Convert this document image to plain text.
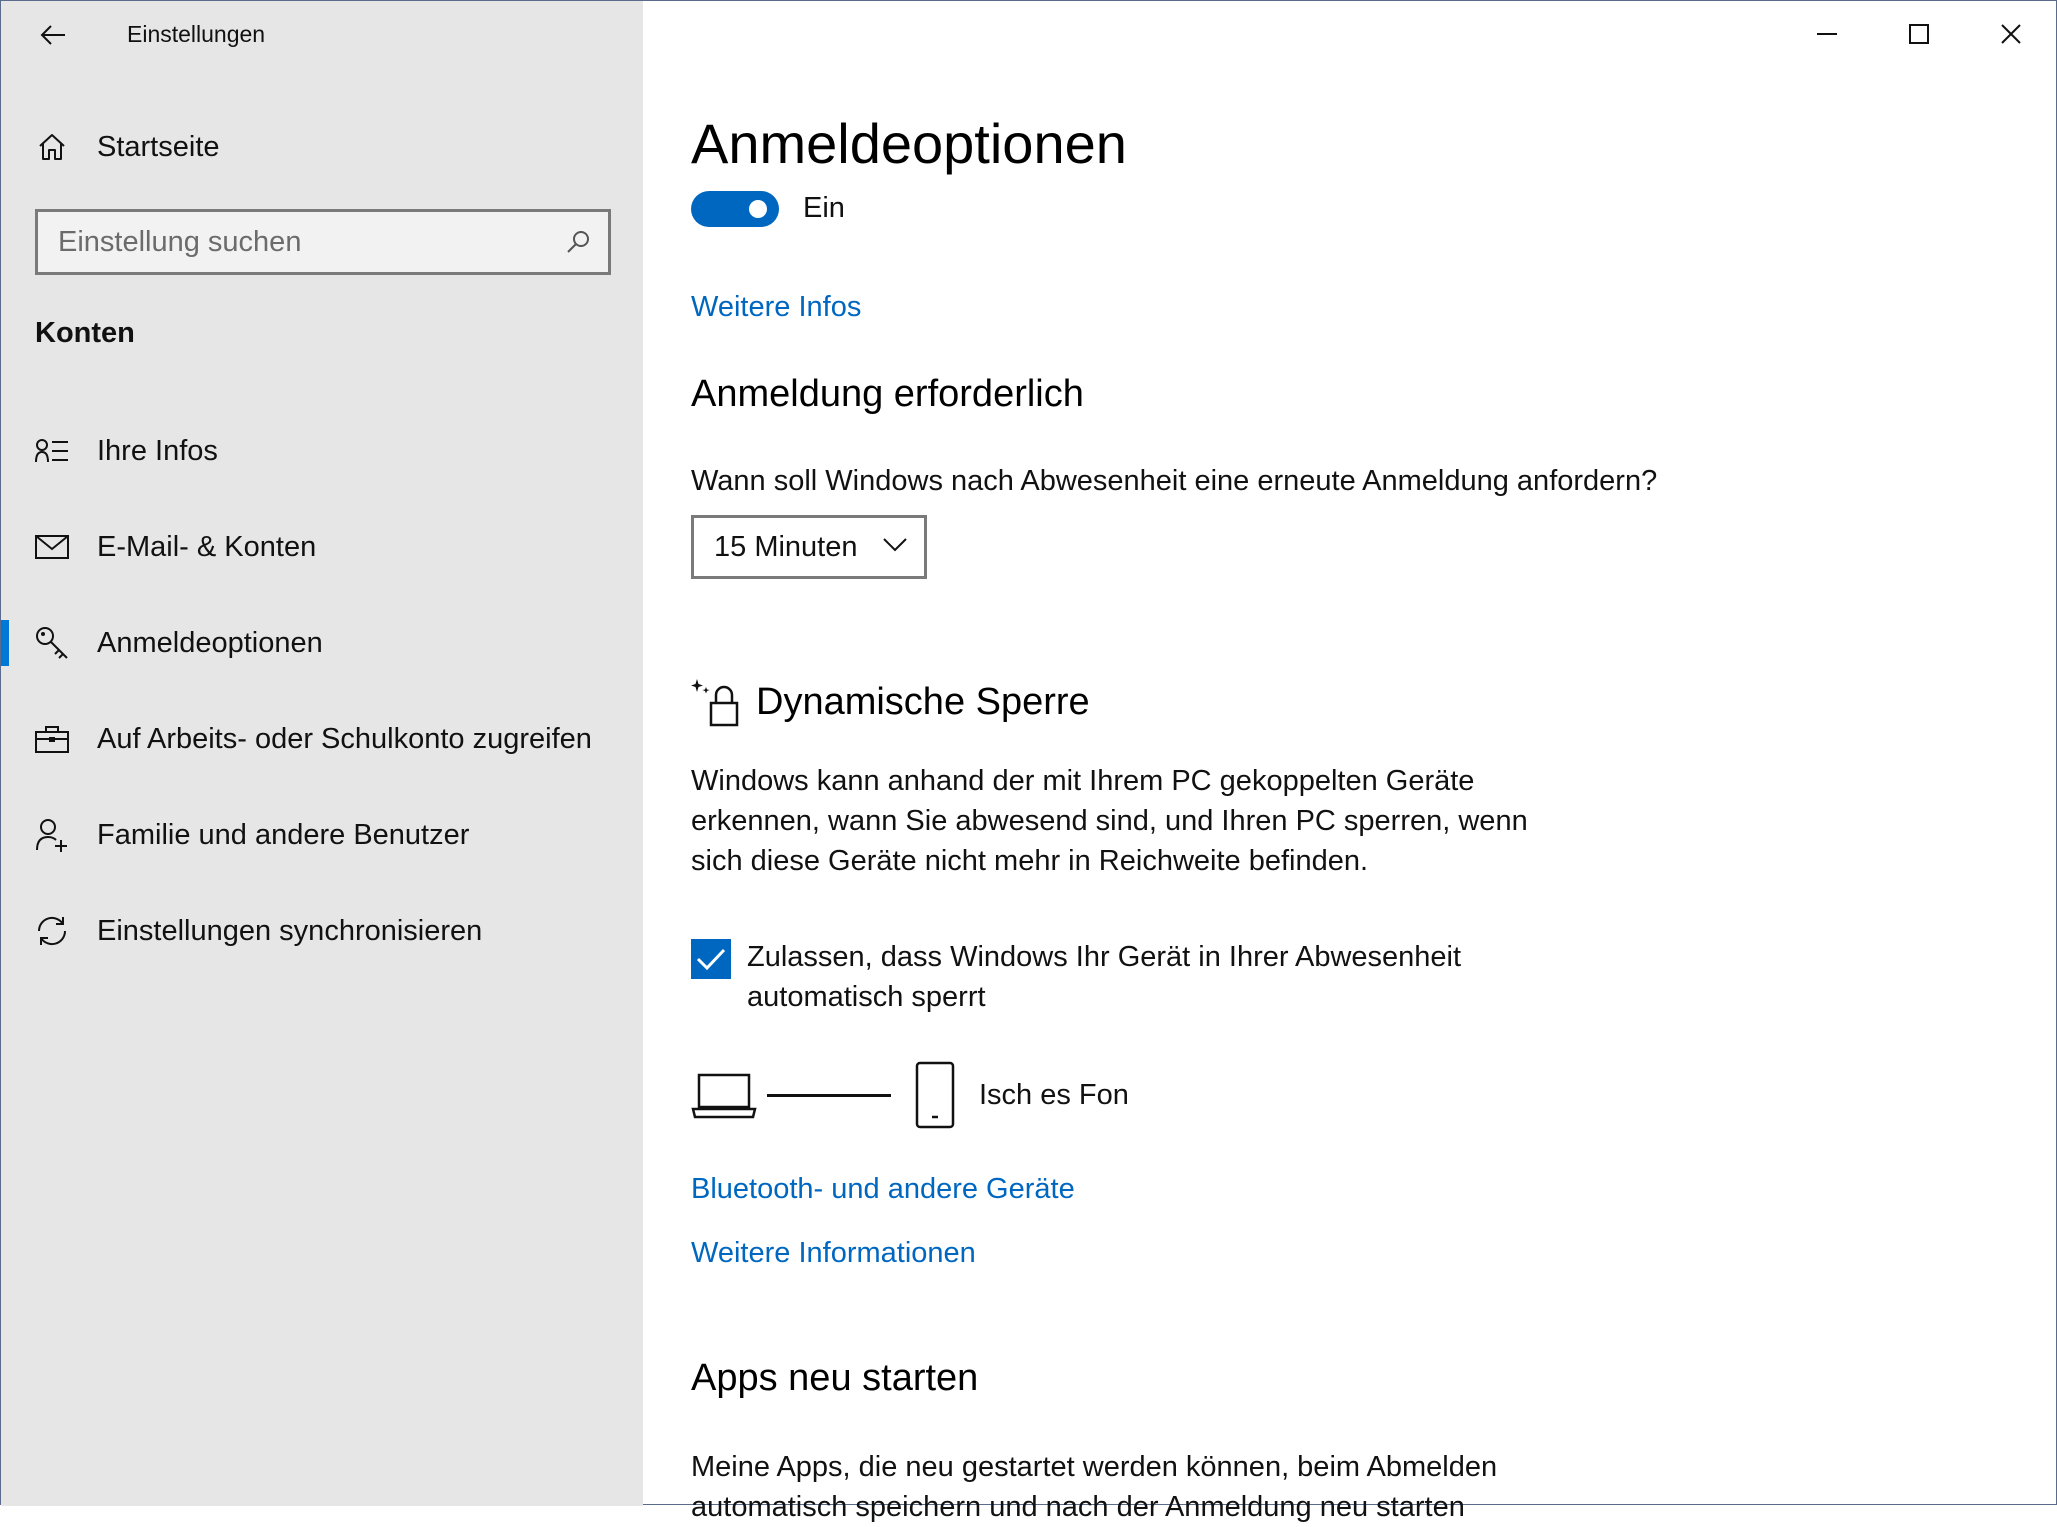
Einstellungen
Startseite
Einstellung suchen
Konten
Ihre Infos
E-Mail- & Konten
Anmeldeoptionen
Auf Arbeits- oder Schulkonto zugreifen
Familie und andere Benutzer
Einstellungen synchronisieren
Anmeldeoptionen
Ein
Weitere Infos
Anmeldung erforderlich
Wann soll Windows nach Abwesenheit eine erneute Anmeldung anfordern?
15 Minuten
Dynamische Sperre
Windows kann anhand der mit Ihrem PC gekoppelten Geräte
erkennen, wann Sie abwesend sind, und Ihren PC sperren, wenn
sich diese Geräte nicht mehr in Reichweite befinden.
Zulassen, dass Windows Ihr Gerät in Ihrer Abwesenheit
automatisch sperrt
Isch es Fon
Bluetooth- und andere Geräte
Weitere Informationen
Apps neu starten
Meine Apps, die neu gestartet werden können, beim Abmelden
automatisch speichern und nach der Anmeldung neu starten
